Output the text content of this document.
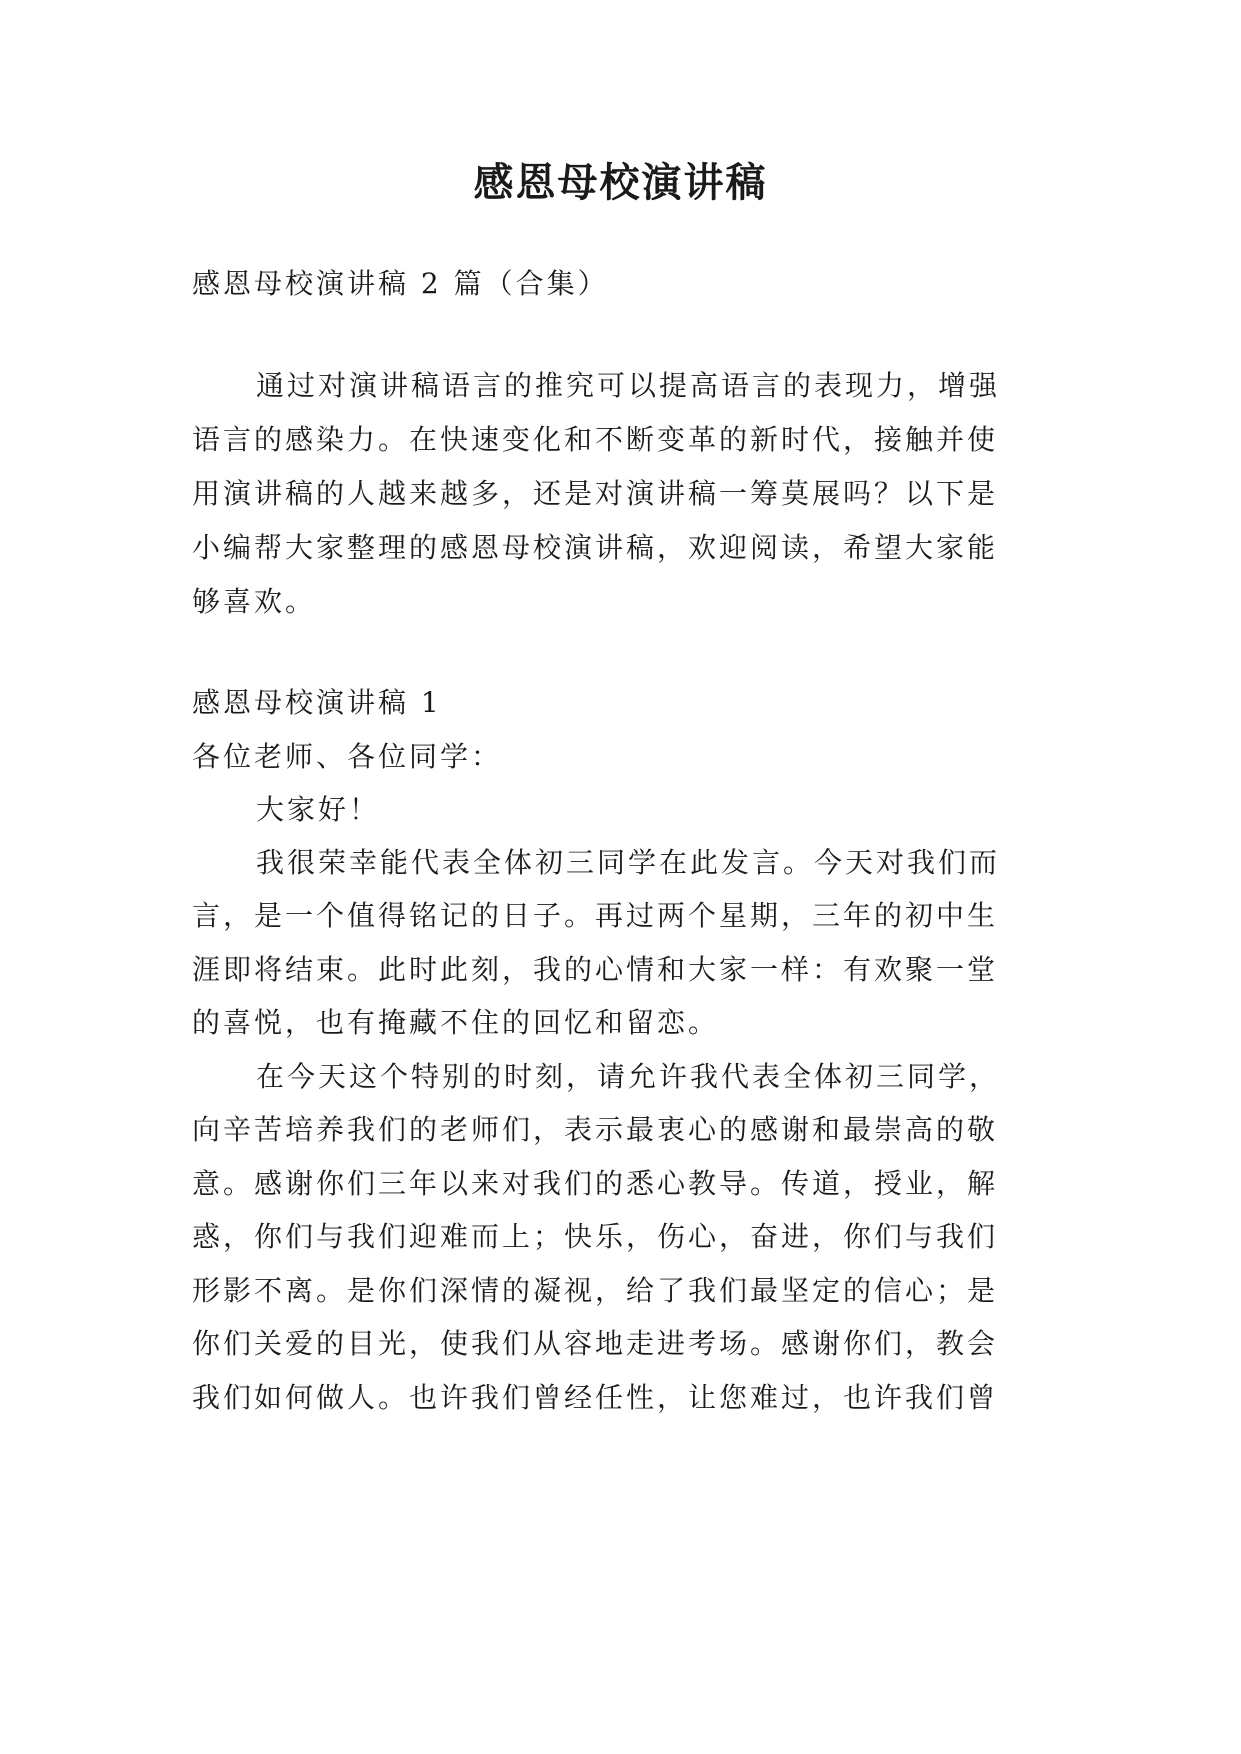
感恩母校演讲稿
感恩母校演讲稿 2 篇（合集）
通过对演讲稿语言的推究可以提高语言的表现力，增强
语言的感染力。在快速变化和不断变革的新时代，接触并使
用演讲稿的人越来越多，还是对演讲稿一筹莫展吗？以下是
小编帮大家整理的感恩母校演讲稿，欢迎阅读，希望大家能
够喜欢。
感恩母校演讲稿 1
各位老师、各位同学：
大家好！
我很荣幸能代表全体初三同学在此发言。今天对我们而
言，是一个值得铭记的日子。再过两个星期，三年的初中生
涯即将结束。此时此刻，我的心情和大家一样：有欢聚一堂
的喜悦，也有掩藏不住的回忆和留恋。
在今天这个特别的时刻，请允许我代表全体初三同学，
向辛苦培养我们的老师们，表示最衷心的感谢和最崇高的敬
意。感谢你们三年以来对我们的悉心教导。传道，授业，解
惑，你们与我们迎难而上；快乐，伤心，奋进，你们与我们
形影不离。是你们深情的凝视，给了我们最坚定的信心；是
你们关爱的目光，使我们从容地走进考场。感谢你们，教会
我们如何做人。也许我们曾经任性，让您难过，也许我们曾
